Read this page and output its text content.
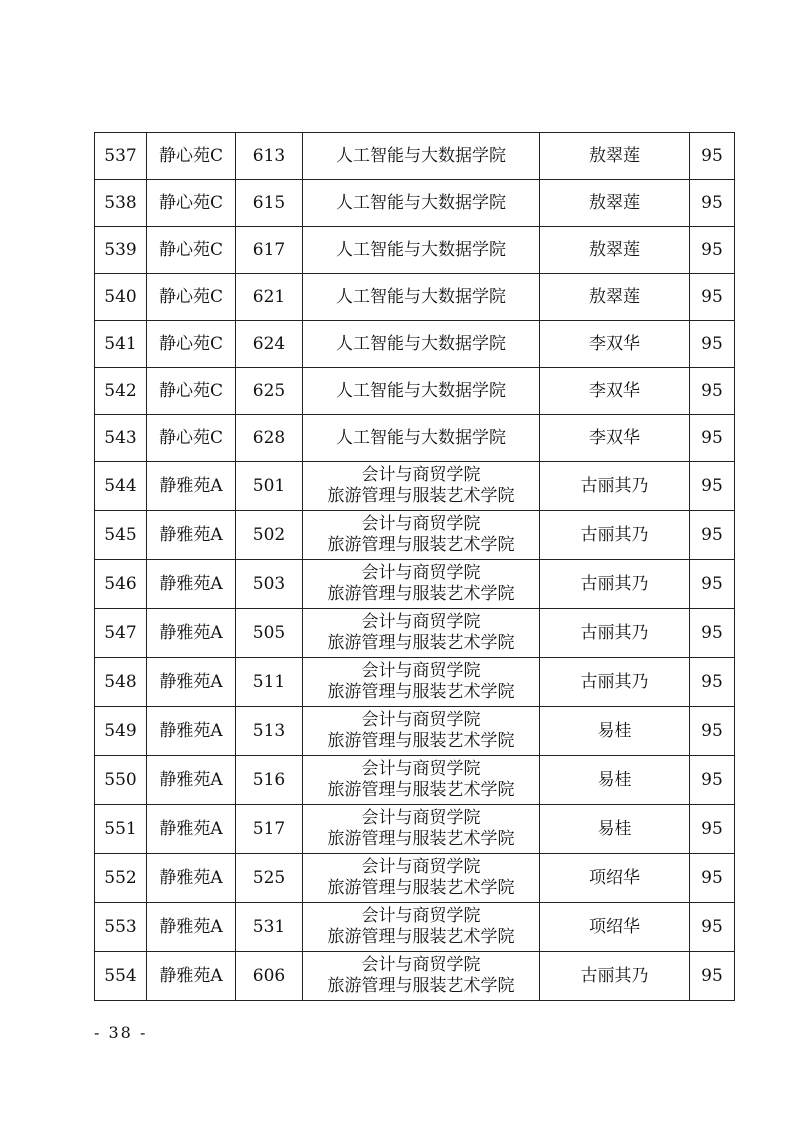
537	静心苑C	613	人工智能与大数据学院	敖翠莲	95
538	静心苑C	615	人工智能与大数据学院	敖翠莲	95
539	静心苑C	617	人工智能与大数据学院	敖翠莲	95
540	静心苑C	621	人工智能与大数据学院	敖翠莲	95
541	静心苑C	624	人工智能与大数据学院	李双华	95
542	静心苑C	625	人工智能与大数据学院	李双华	95
543	静心苑C	628	人工智能与大数据学院	李双华	95
544	静雅苑A	501	会计与商贸学院
旅游管理与服装艺术学院	古丽其乃	95
545	静雅苑A	502	会计与商贸学院
旅游管理与服装艺术学院	古丽其乃	95
546	静雅苑A	503	会计与商贸学院
旅游管理与服装艺术学院	古丽其乃	95
547	静雅苑A	505	会计与商贸学院
旅游管理与服装艺术学院	古丽其乃	95
548	静雅苑A	511	会计与商贸学院
旅游管理与服装艺术学院	古丽其乃	95
549	静雅苑A	513	会计与商贸学院
旅游管理与服装艺术学院	易桂	95
550	静雅苑A	516	会计与商贸学院
旅游管理与服装艺术学院	易桂	95
551	静雅苑A	517	会计与商贸学院
旅游管理与服装艺术学院	易桂	95
552	静雅苑A	525	会计与商贸学院
旅游管理与服装艺术学院	项绍华	95
553	静雅苑A	531	会计与商贸学院
旅游管理与服装艺术学院	项绍华	95
554	静雅苑A	606	会计与商贸学院
旅游管理与服装艺术学院	古丽其乃	95
- 38 -
